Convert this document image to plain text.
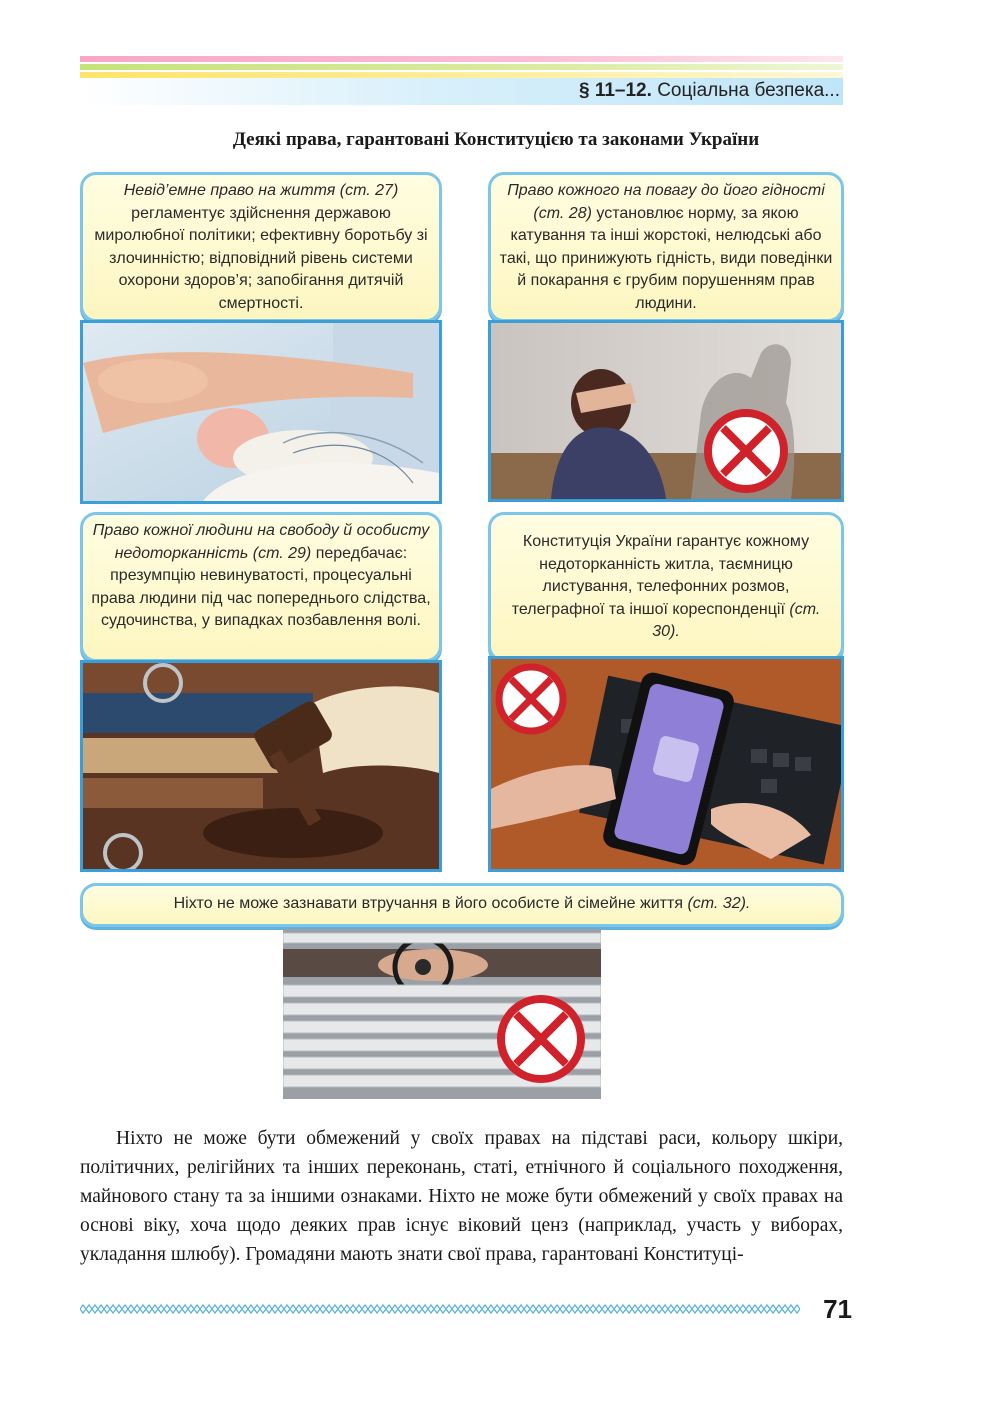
§ 11–12. Соціальна безпека...
Деякі права, гарантовані Конституцією та законами України
Невід’емне право на життя (ст. 27) регламентує здійснення державою миролюбної політики; ефективну боротьбу зі злочинністю; відповідний рівень системи охорони здоров’я; запобігання дитячій смертності.
Право кожного на повагу до його гідності (ст. 28) установлює норму, за якою катування та інші жорстокі, нелюдські або такі, що принижують гідність, види поведінки й покарання є грубим порушенням прав людини.
Право кожної людини на свободу й особисту недоторканність (ст. 29) передбачає: презумпцію невинуватості, процесуальні права людини під час попереднього слідства, судочинства, у випадках позбавлення волі.
Конституція України гарантує кожному недоторканність житла, таємницю листування, телефонних розмов, телеграфної та іншої кореспонденції (ст. 30).
Ніхто не може зазнавати втручання в його особисте й сімейне життя (ст. 32).

Ніхто не може бути обмежений у своїх правах на підставі раси, кольору шкіри, політичних, релігійних та інших переконань, статі, етнічного й соціального походження, майнового стану та за іншими ознаками. Ніхто не може бути обмежений у своїх правах на основі віку, хоча щодо деяких прав існує віковий ценз (наприклад, участь у виборах, укладання шлюбу). Громадяни мають знати свої права, гарантовані Конституці-

71
